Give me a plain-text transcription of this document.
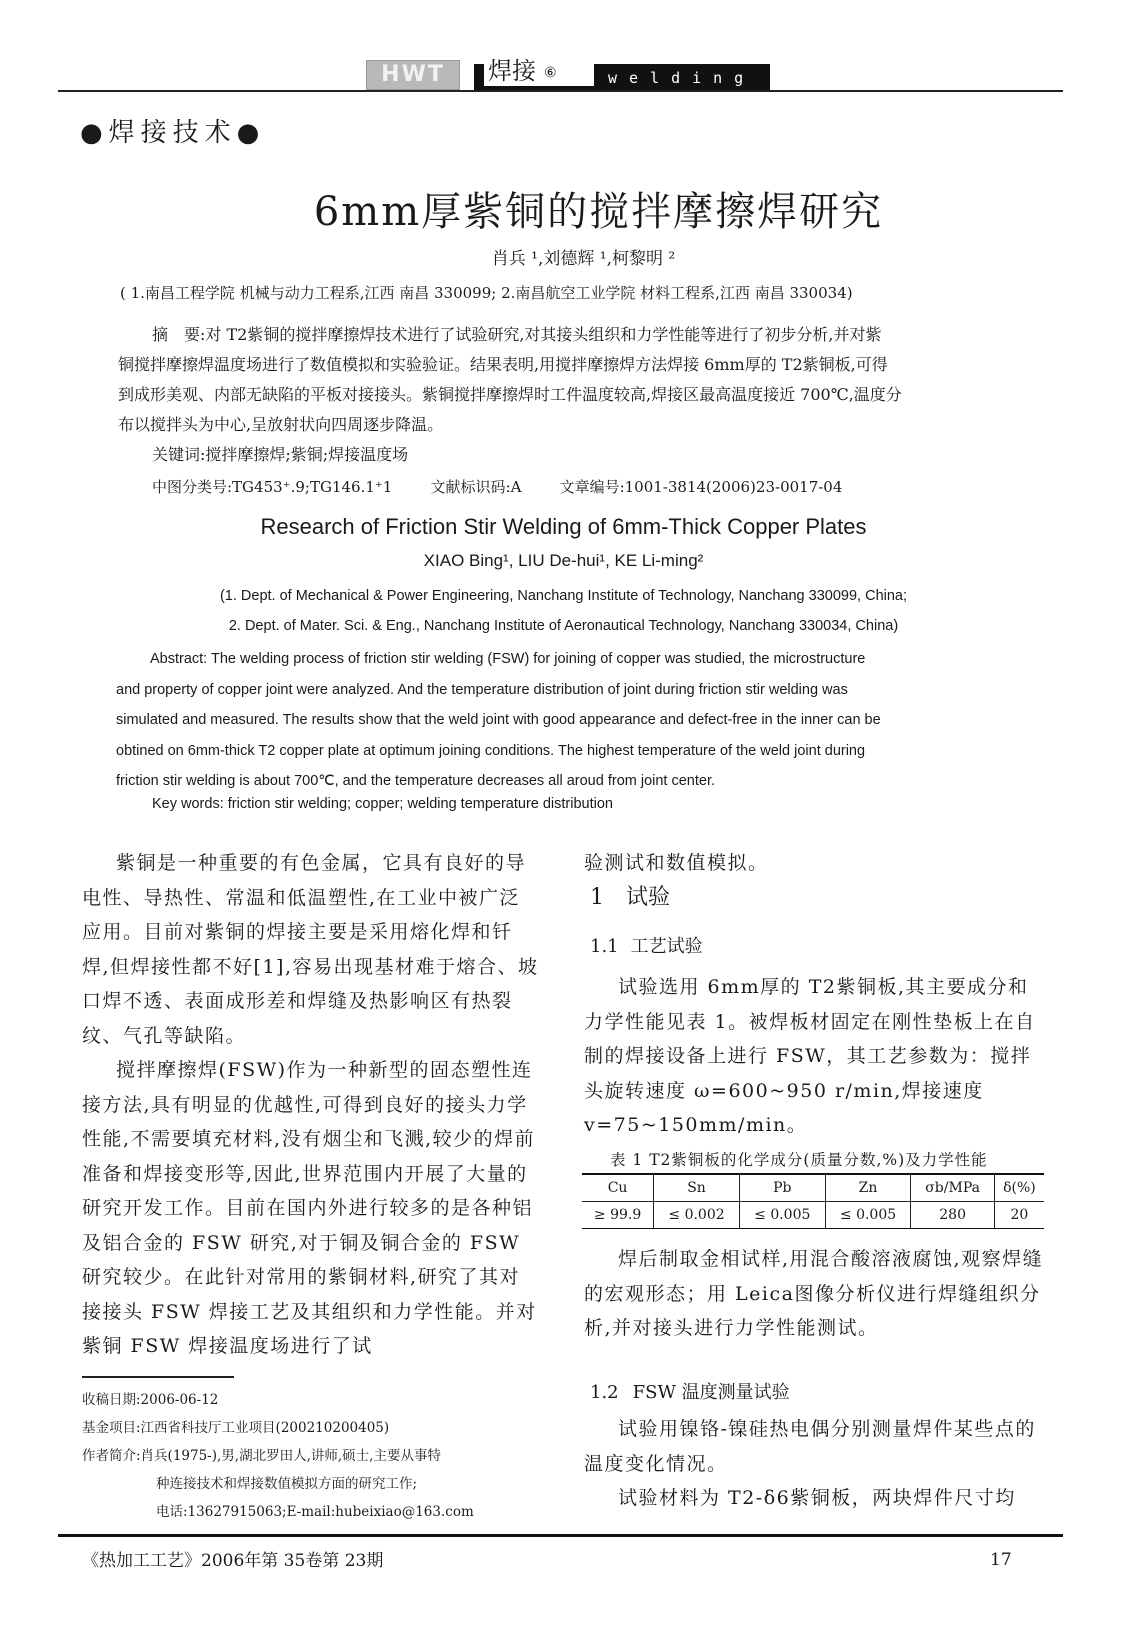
HWT	焊接 ⑥	welding
●焊接技术●
6mm厚紫铜的搅拌摩擦焊研究
肖兵 ¹,刘德辉 ¹,柯黎明 ²
( 1.南昌工程学院 机械与动力工程系,江西 南昌 330099; 2.南昌航空工业学院 材料工程系,江西 南昌 330034)

摘　要:对 T2紫铜的搅拌摩擦焊技术进行了试验研究,对其接头组织和力学性能等进行了初步分析,并对紫

铜搅拌摩擦焊温度场进行了数值模拟和实验验证。结果表明,用搅拌摩擦焊方法焊接 6mm厚的 T2紫铜板,可得

到成形美观、内部无缺陷的平板对接接头。紫铜搅拌摩擦焊时工件温度较高,焊接区最高温度接近 700℃,温度分

布以搅拌头为中心,呈放射状向四周逐步降温。

关键词:搅拌摩擦焊;紫铜;焊接温度场
中图分类号:TG453⁺.9;TG146.1⁺1	文献标识码:A	文章编号:1001-3814(2006)23-0017-04
Research of Friction Stir Welding of 6mm-Thick Copper Plates
XIAO Bing¹, LIU De-hui¹, KE Li-ming²
(1. Dept. of Mechanical & Power Engineering, Nanchang Institute of Technology, Nanchang 330099, China;
2. Dept. of Mater. Sci. & Eng., Nanchang Institute of Aeronautical Technology, Nanchang 330034, China)

Abstract: The welding process of friction stir welding (FSW) for joining of copper was studied, the microstructure

and property of copper joint were analyzed. And the temperature distribution of joint during friction stir welding was

simulated and measured. The results show that the weld joint with good appearance and defect-free in the inner can be

obtined on 6mm-thick T2 copper plate at optimum joining conditions. The highest temperature of the weld joint during

friction stir welding is about 700℃, and the temperature decreases all aroud from joint center.

Key words: friction stir welding; copper; welding temperature distribution

紫铜是一种重要的有色金属，它具有良好的导电性、导热性、常温和低温塑性,在工业中被广泛应用。目前对紫铜的焊接主要是采用熔化焊和钎焊,但焊接性都不好[1],容易出现基材难于熔合、坡口焊不透、表面成形差和焊缝及热影响区有热裂纹、气孔等缺陷。

搅拌摩擦焊(FSW)作为一种新型的固态塑性连接方法,具有明显的优越性,可得到良好的接头力学性能,不需要填充材料,没有烟尘和飞溅,较少的焊前准备和焊接变形等,因此,世界范围内开展了大量的研究开发工作。目前在国内外进行较多的是各种铝及铝合金的 FSW 研究,对于铜及铜合金的 FSW 研究较少。在此针对常用的紫铜材料,研究了其对接接头 FSW 焊接工艺及其组织和力学性能。并对紫铜 FSW 焊接温度场进行了试

验测试和数值模拟。
1 试验
1.1 工艺试验

试验选用 6mm厚的 T2紫铜板,其主要成分和力学性能见表 1。被焊板材固定在刚性垫板上在自制的焊接设备上进行 FSW，其工艺参数为：搅拌头旋转速度 ω=600~950 r/min,焊接速度 v=75~150mm/min。

表 1 T2紫铜板的化学成分(质量分数,%)及力学性能
Cu	Sn	Pb	Zn	σb/MPa	δ(%)
≥ 99.9	≤ 0.002	≤ 0.005	≤ 0.005	280	20

焊后制取金相试样,用混合酸溶液腐蚀,观察焊缝的宏观形态；用 Leica图像分析仪进行焊缝组织分析,并对接头进行力学性能测试。

1.2 FSW 温度测量试验

试验用镍铬-镍硅热电偶分别测量焊件某些点的温度变化情况。

试验材料为 T2-δ6紫铜板，两块焊件尺寸均

收稿日期:2006-06-12
基金项目:江西省科技厅工业项目(200210200405)
作者简介:肖兵(1975-),男,湖北罗田人,讲师,硕士,主要从事特
种连接技术和焊接数值模拟方面的研究工作;
电话:13627915063;E-mail:hubeixiao@163.com
《热加工工艺》2006年第 35卷第 23期	17
